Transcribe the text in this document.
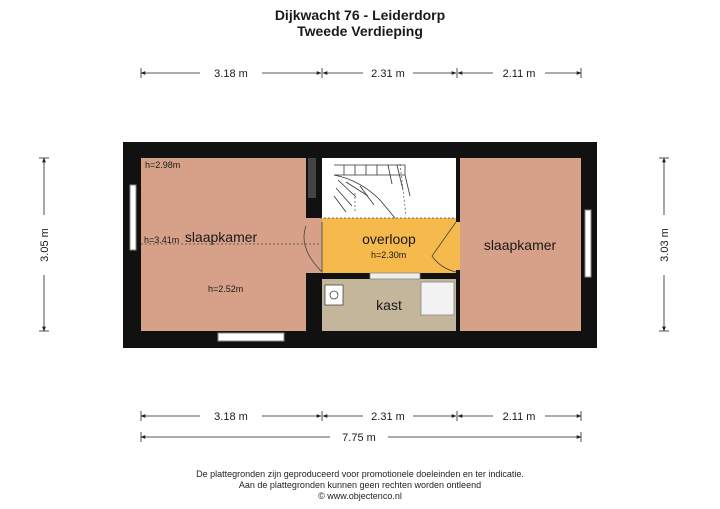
Dijkwacht 76 - Leiderdorp
Tweede Verdieping
slaapkamer	overloop
kast
slaapkamer
h=2.98m
h=3.41m
h=2.52m
h=2.30m
3.18 m	2.31 m	2.11 m
3.18 m	2.31 m	2.11 m
7.75 m
3.05 m	3.03 m
De plattegronden zijn geproduceerd voor promotionele doeleinden en ter indicatie.
Aan de plattegronden kunnen geen rechten worden ontleend
© www.objectenco.nl
